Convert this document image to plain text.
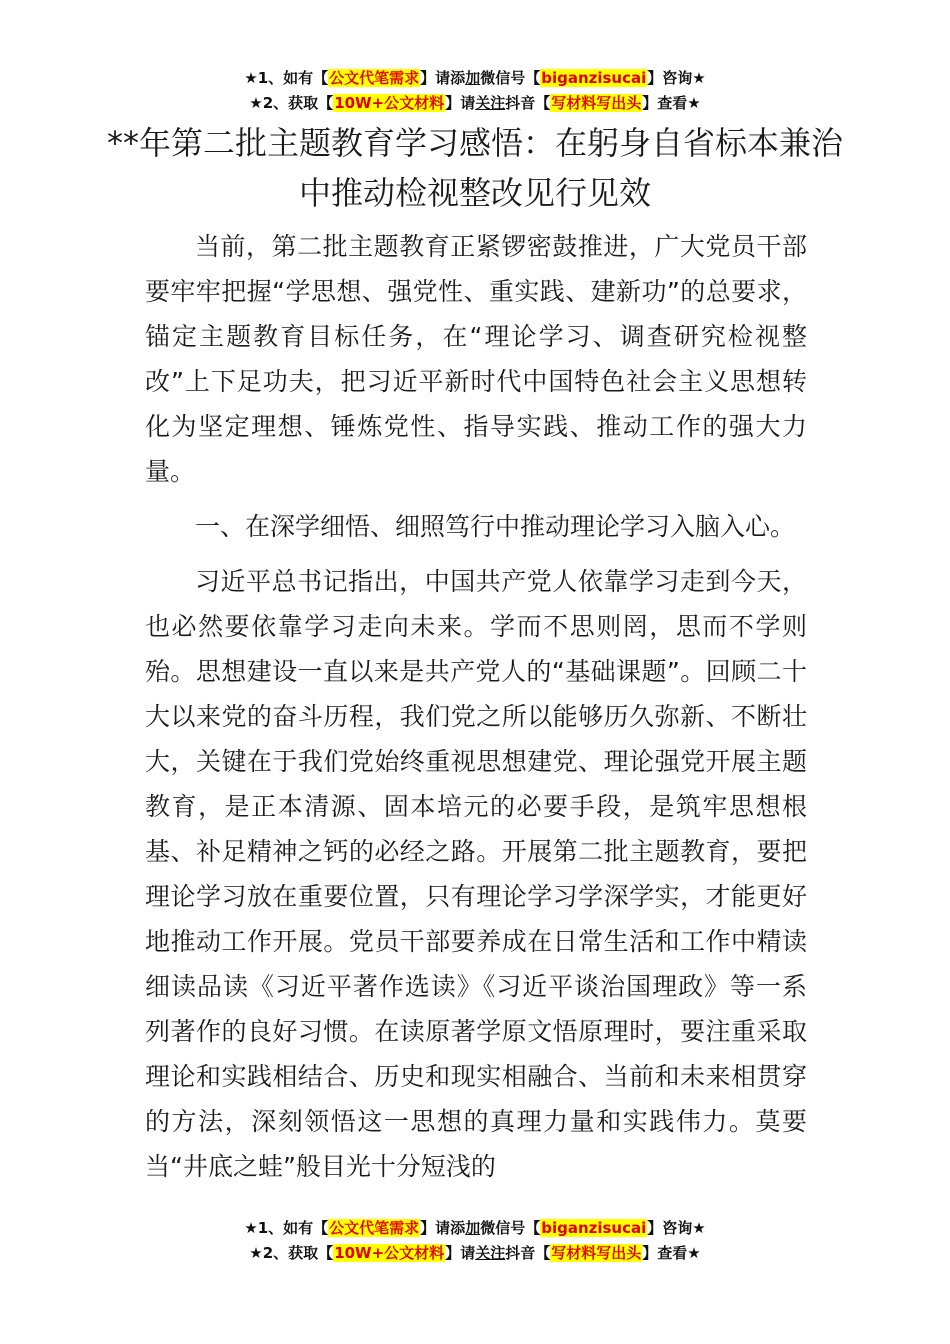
★1、如有【公文代笔需求】请添加微信号【biganzisucai】咨询★
★2、获取【10W+公文材料】请关注抖音【写材料写出头】查看★
**年第二批主题教育学习感悟：在躬身自省标本兼治中推动检视整改见行见效

当前，第二批主题教育正紧锣密鼓推进，广大党员干部要牢牢把握“学思想、强党性、重实践、建新功”的总要求，锚定主题教育目标任务，在“理论学习、调查研究检视整改”上下足功夫，把习近平新时代中国特色社会主义思想转化为坚定理想、锤炼党性、指导实践、推动工作的强大力量。

一、在深学细悟、细照笃行中推动理论学习入脑入心。

习近平总书记指出，中国共产党人依靠学习走到今天，也必然要依靠学习走向未来。学而不思则罔，思而不学则殆。思想建设一直以来是共产党人的“基础课题”。回顾二十大以来党的奋斗历程，我们党之所以能够历久弥新、不断壮大，关键在于我们党始终重视思想建党、理论强党开展主题教育，是正本清源、固本培元的必要手段，是筑牢思想根基、补足精神之钙的必经之路。开展第二批主题教育，要把理论学习放在重要位置，只有理论学习学深学实，才能更好地推动工作开展。党员干部要养成在日常生活和工作中精读细读品读《习近平著作选读》《习近平谈治国理政》等一系列著作的良好习惯。在读原著学原文悟原理时，要注重采取理论和实践相结合、历史和现实相融合、当前和未来相贯穿的方法，深刻领悟这一思想的真理力量和实践伟力。莫要当“井底之蛙”般目光十分短浅的

★1、如有【公文代笔需求】请添加微信号【biganzisucai】咨询★
★2、获取【10W+公文材料】请关注抖音【写材料写出头】查看★
